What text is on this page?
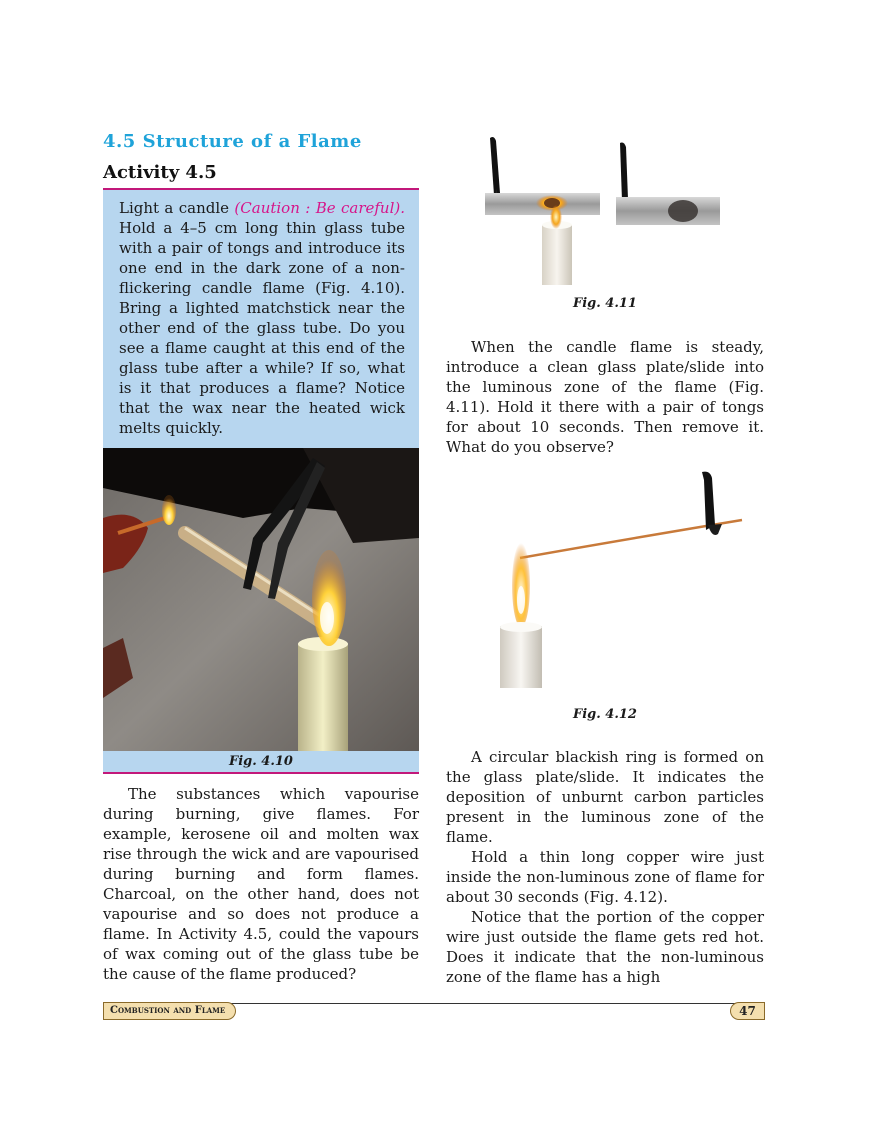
4.5 Structure of a Flame
Activity 4.5

Light a candle (Caution : Be careful). Hold a 4–5 cm long thin glass tube with a pair of tongs and introduce its one end in the dark zone of a non-flickering candle flame (Fig. 4.10). Bring a lighted matchstick near the other end of the glass tube. Do you see a flame caught at this end of the glass tube after a while? If so, what is it that produces a flame? Notice that the wax near the heated wick melts quickly.

Fig. 4.10

The substances which vapourise during burning, give flames. For example, kerosene oil and molten wax rise through the wick and are vapourised during burning and form flames. Charcoal, on the other hand, does not vapourise and so does not produce a flame. In Activity 4.5, could the vapours of wax coming out of the glass tube be the cause of the flame produced?

Fig. 4.11

When the candle flame is steady, introduce a clean glass plate/slide into the luminous zone of the flame (Fig. 4.11). Hold it there with a pair of tongs for about 10 seconds. Then remove it. What do you observe?

Fig. 4.12

A circular blackish ring is formed on the glass plate/slide. It indicates the deposition of unburnt carbon particles present in the luminous zone of the flame.

Hold a thin long copper wire just inside the non-luminous zone of flame for about 30 seconds (Fig. 4.12).

Notice that the portion of the copper wire just outside the flame gets red hot. Does it indicate that the non-luminous zone of the flame has a high

Combustion and Flame	47
